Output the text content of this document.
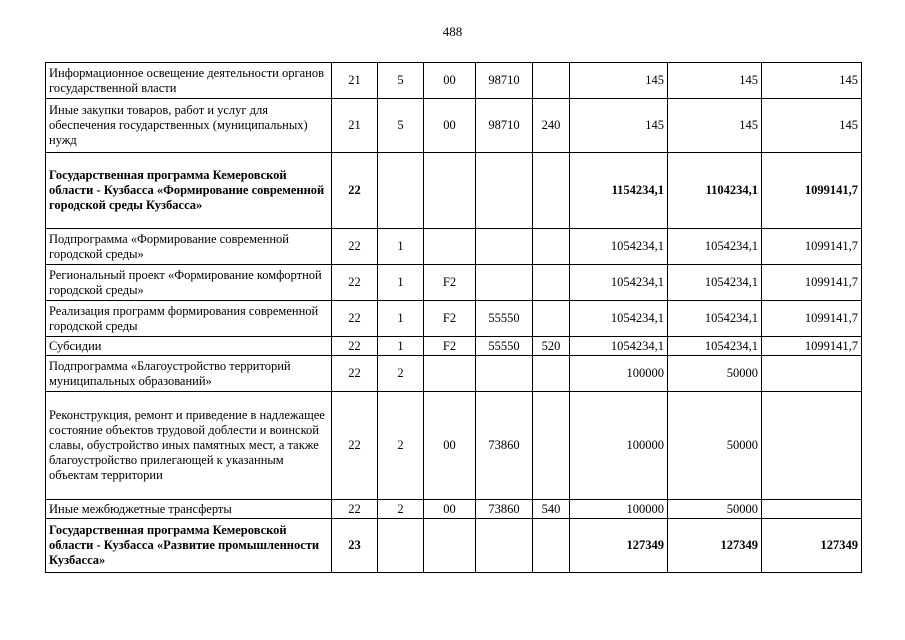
488
Информационное освещение деятельности органов государственной власти	21	5	00	98710		145	145	145
Иные закупки товаров, работ и услуг для обеспечения государственных (муниципальных) нужд	21	5	00	98710	240	145	145	145
Государственная программа Кемеровской области - Кузбасса «Формирование современной городской среды Кузбасса»	22					1154234,1	1104234,1	1099141,7
Подпрограмма «Формирование современной городской среды»	22	1				1054234,1	1054234,1	1099141,7
Региональный проект «Формирование комфортной городской среды»	22	1	F2			1054234,1	1054234,1	1099141,7
Реализация программ формирования современной городской среды	22	1	F2	55550		1054234,1	1054234,1	1099141,7
Субсидии	22	1	F2	55550	520	1054234,1	1054234,1	1099141,7
Подпрограмма «Благоустройство территорий муниципальных образований»	22	2				100000	50000	
Реконструкция, ремонт и приведение в надлежащее состояние объектов трудовой доблести и воинской славы, обустройство иных памятных мест, а также благоустройство прилегающей к указанным объектам территории	22	2	00	73860		100000	50000	
Иные межбюджетные трансферты	22	2	00	73860	540	100000	50000	
Государственная программа Кемеровской области - Кузбасса «Развитие промышленности Кузбасса»	23					127349	127349	127349
